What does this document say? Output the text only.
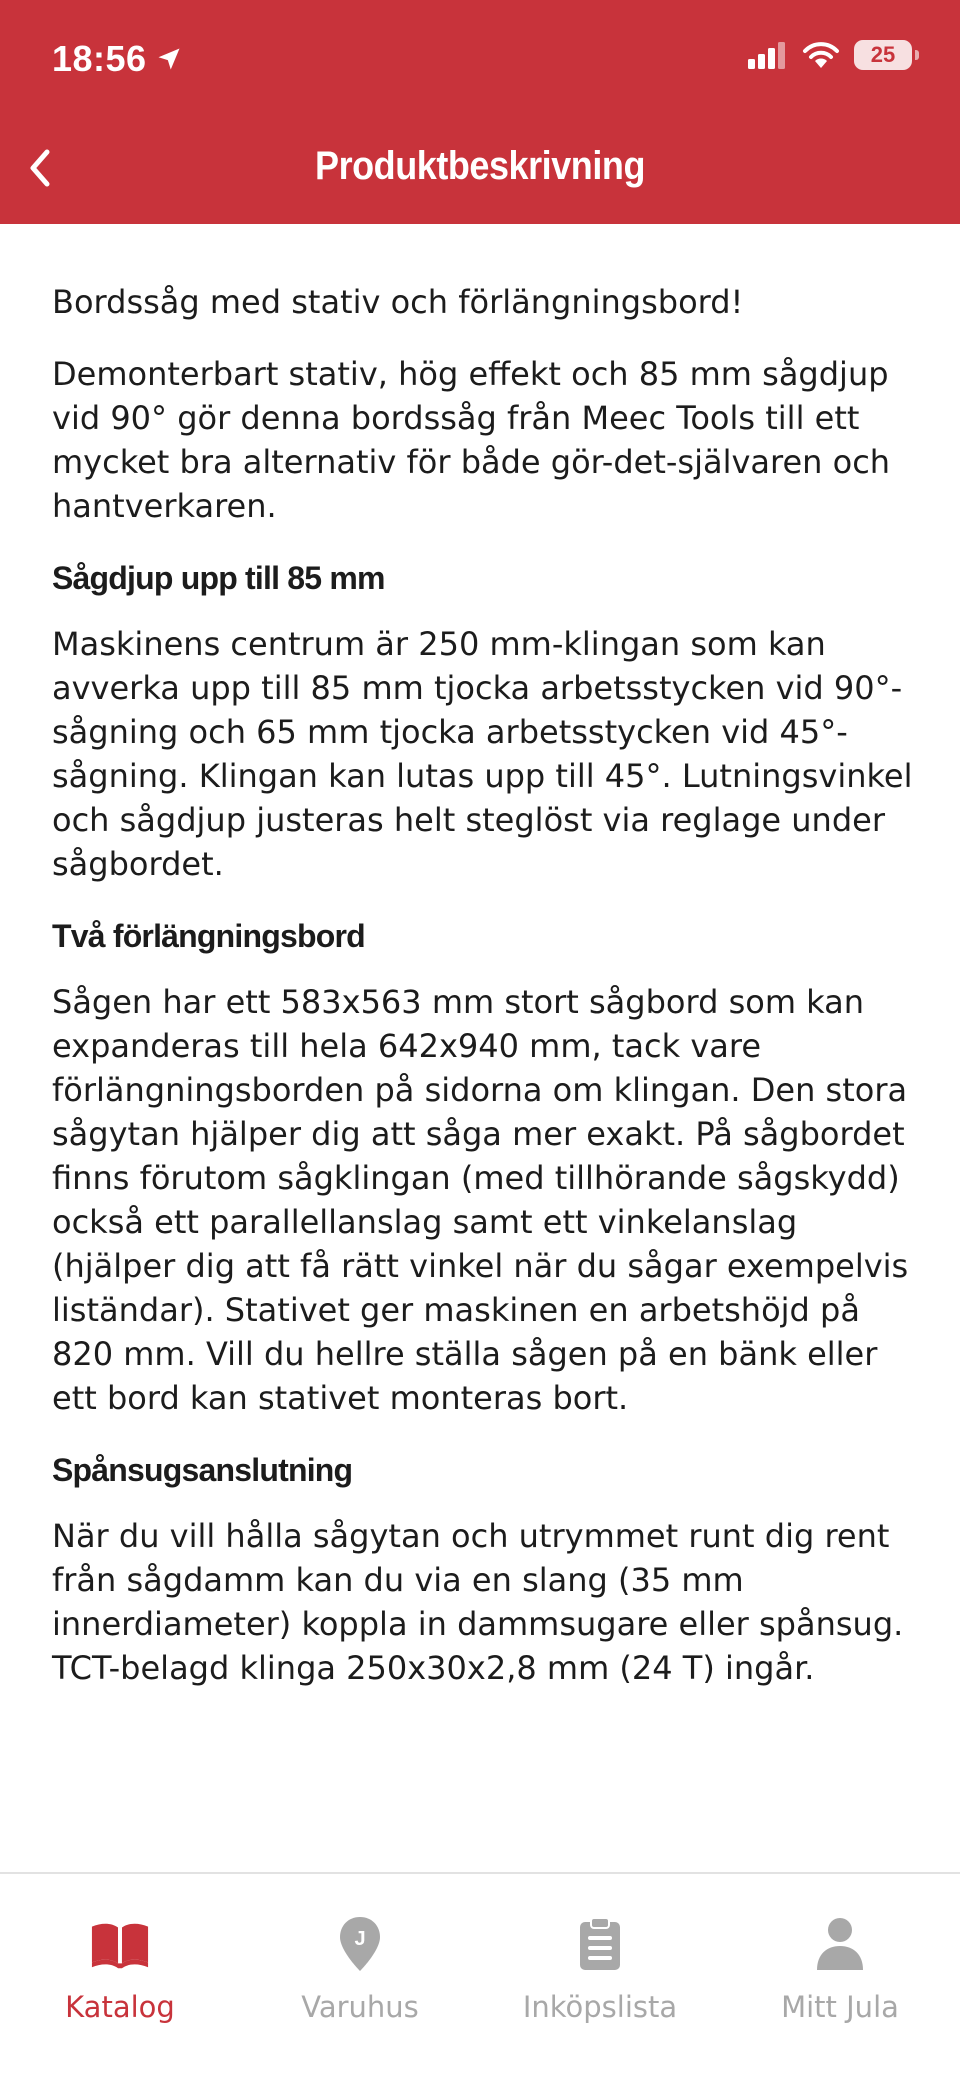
18:56	25
Produktbeskrivning

Bordssåg med stativ och förlängningsbord!

Demonterbart stativ, hög effekt och 85 mm sågdjup vid 90° gör denna bordssåg från Meec Tools till ett mycket bra alternativ för både gör-det-självaren och hantverkaren.

Sågdjup upp till 85 mm

Maskinens centrum är 250 mm-klingan som kan avverka upp till 85 mm tjocka arbetsstycken vid 90°-sågning och 65 mm tjocka arbetsstycken vid 45°-sågning. Klingan kan lutas upp till 45°. Lutningsvinkel och sågdjup justeras helt steglöst via reglage under sågbordet.

Två förlängningsbord

Sågen har ett 583x563 mm stort sågbord som kan expanderas till hela 642x940 mm, tack vare förlängningsborden på sidorna om klingan. Den stora sågytan hjälper dig att såga mer exakt. På sågbordet finns förutom sågklingan (med tillhörande sågskydd) också ett parallellanslag samt ett vinkelanslag (hjälper dig att få rätt vinkel när du sågar exempelvis liständar). Stativet ger maskinen en arbetshöjd på 820 mm. Vill du hellre ställa sågen på en bänk eller ett bord kan stativet monteras bort.

Spånsugsanslutning

När du vill hålla sågytan och utrymmet runt dig rent från sågdamm kan du via en slang (35 mm innerdiameter) koppla in dammsugare eller spånsug. TCT-belagd klinga 250x30x2,8 mm (24 T) ingår.

Katalog
J
Varuhus	Inköpslista	Mitt Jula
